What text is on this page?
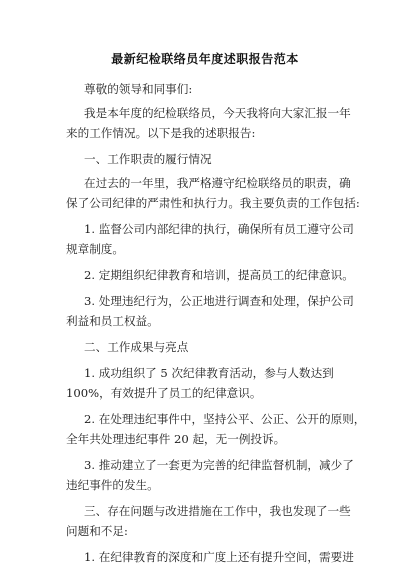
最新纪检联络员年度述职报告范本
尊敬的领导和同事们:
我是本年度的纪检联络员，今天我将向大家汇报一年
来的工作情况。以下是我的述职报告:
一、工作职责的履行情况
在过去的一年里，我严格遵守纪检联络员的职责，确
保了公司纪律的严肃性和执行力。我主要负责的工作包括:
1. 监督公司内部纪律的执行，确保所有员工遵守公司
规章制度。
2. 定期组织纪律教育和培训，提高员工的纪律意识。
3. 处理违纪行为，公正地进行调查和处理，保护公司
利益和员工权益。
二、工作成果与亮点
1. 成功组织了 5 次纪律教育活动，参与人数达到
100%，有效提升了员工的纪律意识。
2. 在处理违纪事件中，坚持公平、公正、公开的原则，
全年共处理违纪事件 20 起，无一例投诉。
3. 推动建立了一套更为完善的纪律监督机制，减少了
违纪事件的发生。
三、存在问题与改进措施在工作中，我也发现了一些
问题和不足:
1. 在纪律教育的深度和广度上还有提升空间，需要进
